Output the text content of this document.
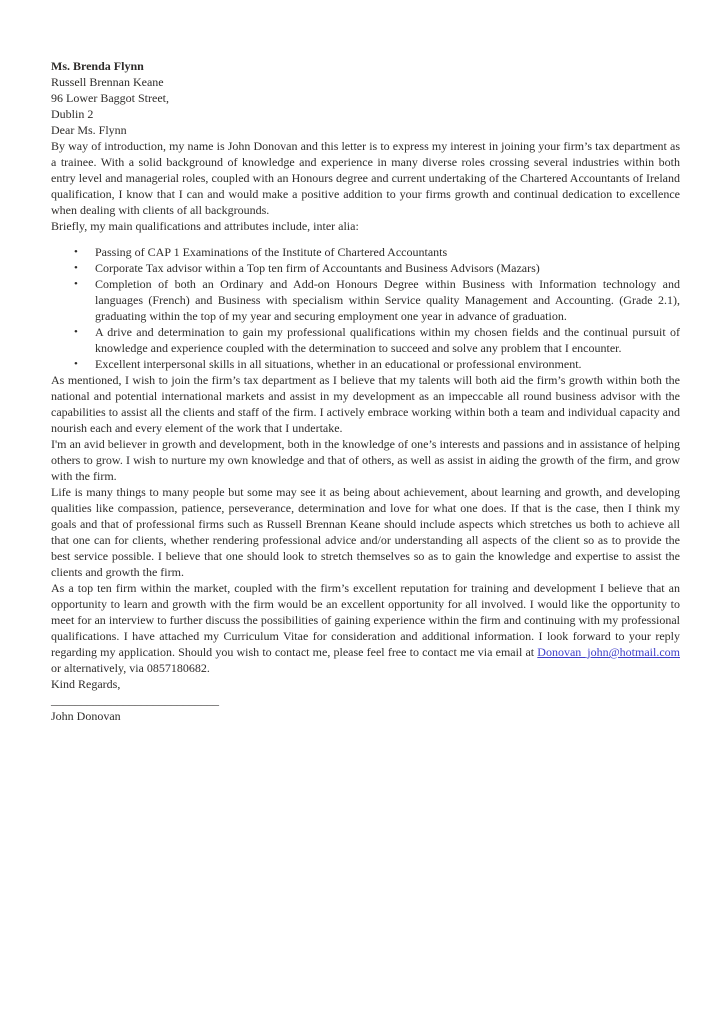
Ms. Brenda Flynn

Russell Brennan Keane

96 Lower Baggot Street,

Dublin 2

Dear Ms. Flynn

By way of introduction, my name is John Donovan and this letter is to express my interest in joining your firm’s tax department as a trainee. With a solid background of knowledge and experience in many diverse roles crossing several industries within both entry level and managerial roles, coupled with an Honours degree and current undertaking of the Chartered Accountants of Ireland qualification, I know that I can and would make a positive addition to your firms growth and continual dedication to excellence when dealing with clients of all backgrounds.

Briefly, my main qualifications and attributes include, inter alia:

• Passing of CAP 1 Examinations of the Institute of Chartered Accountants
• Corporate Tax advisor within a Top ten firm of Accountants and Business Advisors (Mazars)
• Completion of both an Ordinary and Add-on Honours Degree within Business with Information technology and languages (French) and Business with specialism within Service quality Management and Accounting. (Grade 2.1), graduating within the top of my year and securing employment one year in advance of graduation.
• A drive and determination to gain my professional qualifications within my chosen fields and the continual pursuit of knowledge and experience coupled with the determination to succeed and solve any problem that I encounter.
• Excellent interpersonal skills in all situations, whether in an educational or professional environment.

As mentioned, I wish to join the firm’s tax department as I believe that my talents will both aid the firm’s growth within both the national and potential international markets and assist in my development as an impeccable all round business advisor with the capabilities to assist all the clients and staff of the firm. I actively embrace working within both a team and individual capacity and nourish each and every element of the work that I undertake.

I'm an avid believer in growth and development, both in the knowledge of one’s interests and passions and in assistance of helping others to grow. I wish to nurture my own knowledge and that of others, as well as assist in aiding the growth of the firm, and grow with the firm.

Life is many things to many people but some may see it as being about achievement, about learning and growth, and developing qualities like compassion, patience, perseverance, determination and love for what one does. If that is the case, then I think my goals and that of professional firms such as Russell Brennan Keane should include aspects which stretches us both to achieve all that one can for clients, whether rendering professional advice and/or understanding all aspects of the client so as to provide the best service possible. I believe that one should look to stretch themselves so as to gain the knowledge and expertise to assist the clients and growth the firm.

As a top ten firm within the market, coupled with the firm’s excellent reputation for training and development I believe that an opportunity to learn and growth with the firm would be an excellent opportunity for all involved. I would like the opportunity to meet for an interview to further discuss the possibilities of gaining experience within the firm and continuing with my professional qualifications. I have attached my Curriculum Vitae for consideration and additional information. I look forward to your reply regarding my application. Should you wish to contact me, please feel free to contact me via email at Donovan_john@hotmail.com or alternatively, via 0857180682.

Kind Regards,

____________________________

John Donovan
